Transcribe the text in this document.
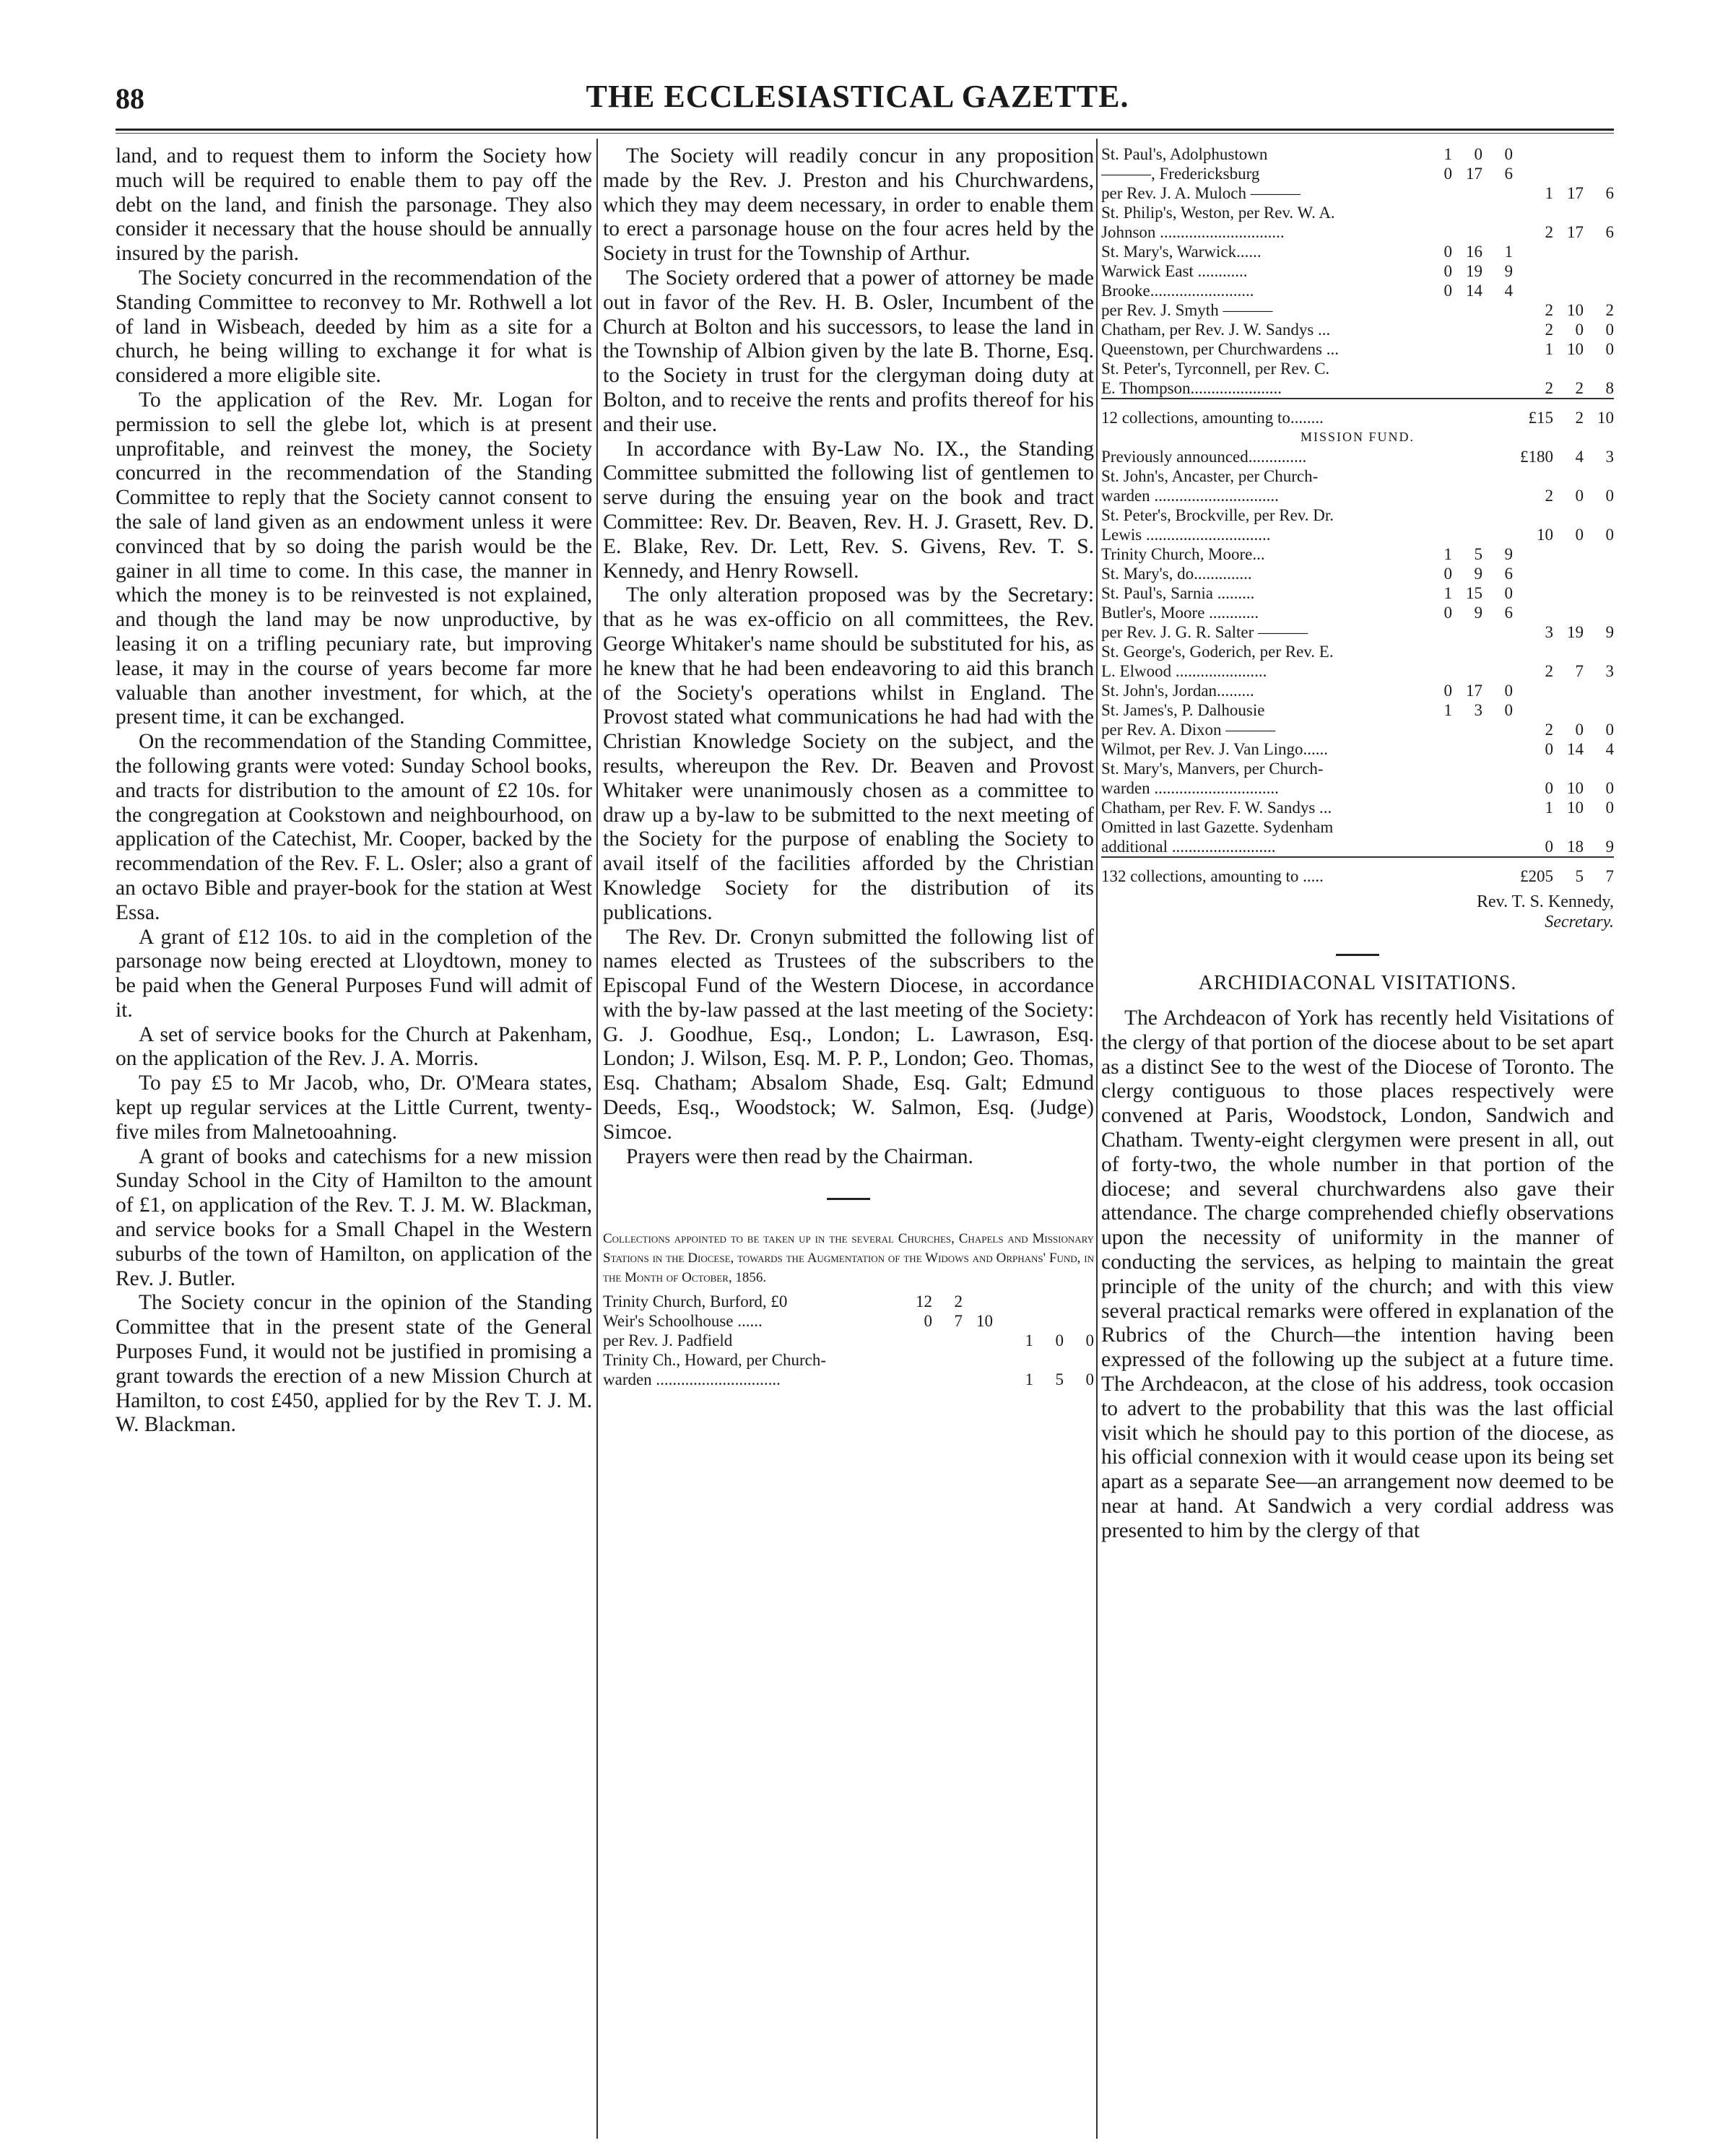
88	THE ECCLESIASTICAL GAZETTE.

land, and to request them to inform the Society how much will be required to enable them to pay off the debt on the land, and finish the parsonage. They also consider it necessary that the house should be annually insured by the parish.

The Society concurred in the recommendation of the Standing Committee to reconvey to Mr. Rothwell a lot of land in Wisbeach, deeded by him as a site for a church, he being willing to exchange it for what is considered a more eligible site.

To the application of the Rev. Mr. Logan for permission to sell the glebe lot, which is at present unprofitable, and reinvest the money, the Society concurred in the recommendation of the Standing Committee to reply that the Society cannot consent to the sale of land given as an endowment unless it were convinced that by so doing the parish would be the gainer in all time to come. In this case, the manner in which the money is to be reinvested is not explained, and though the land may be now unproductive, by leasing it on a trifling pecuniary rate, but improving lease, it may in the course of years become far more valuable than another investment, for which, at the present time, it can be exchanged.

On the recommendation of the Standing Committee, the following grants were voted: Sunday School books, and tracts for distribution to the amount of £2 10s. for the congregation at Cookstown and neighbourhood, on application of the Catechist, Mr. Cooper, backed by the recommendation of the Rev. F. L. Osler; also a grant of an octavo Bible and prayer-book for the station at West Essa.

A grant of £12 10s. to aid in the completion of the parsonage now being erected at Lloydtown, money to be paid when the General Purposes Fund will admit of it.

A set of service books for the Church at Pakenham, on the application of the Rev. J. A. Morris.

To pay £5 to Mr Jacob, who, Dr. O'Meara states, kept up regular services at the Little Current, twenty-five miles from Malnetooahning.

A grant of books and catechisms for a new mission Sunday School in the City of Hamilton to the amount of £1, on application of the Rev. T. J. M. W. Blackman, and service books for a Small Chapel in the Western suburbs of the town of Hamilton, on application of the Rev. J. Butler.

The Society concur in the opinion of the Standing Committee that in the present state of the General Purposes Fund, it would not be justified in promising a grant towards the erection of a new Mission Church at Hamilton, to cost £450, applied for by the Rev T. J. M. W. Blackman.

The Society will readily concur in any proposition made by the Rev. J. Preston and his Churchwardens, which they may deem necessary, in order to enable them to erect a parsonage house on the four acres held by the Society in trust for the Township of Arthur.

The Society ordered that a power of attorney be made out in favor of the Rev. H. B. Osler, Incumbent of the Church at Bolton and his successors, to lease the land in the Township of Albion given by the late B. Thorne, Esq. to the Society in trust for the clergyman doing duty at Bolton, and to receive the rents and profits thereof for his and their use.

In accordance with By-Law No. IX., the Standing Committee submitted the following list of gentlemen to serve during the ensuing year on the book and tract Committee: Rev. Dr. Beaven, Rev. H. J. Grasett, Rev. D. E. Blake, Rev. Dr. Lett, Rev. S. Givens, Rev. T. S. Kennedy, and Henry Rowsell.

The only alteration proposed was by the Secretary: that as he was ex-officio on all committees, the Rev. George Whitaker's name should be substituted for his, as he knew that he had been endeavoring to aid this branch of the Society's operations whilst in England. The Provost stated what communications he had had with the Christian Knowledge Society on the subject, and the results, whereupon the Rev. Dr. Beaven and Provost Whitaker were unanimously chosen as a committee to draw up a by-law to be submitted to the next meeting of the Society for the purpose of enabling the Society to avail itself of the facilities afforded by the Christian Knowledge Society for the distribution of its publications.

The Rev. Dr. Cronyn submitted the following list of names elected as Trustees of the subscribers to the Episcopal Fund of the Western Diocese, in accordance with the by-law passed at the last meeting of the Society: G. J. Goodhue, Esq., London; L. Lawrason, Esq. London; J. Wilson, Esq. M. P. P., London; Geo. Thomas, Esq. Chatham; Absalom Shade, Esq. Galt; Edmund Deeds, Esq., Woodstock; W. Salmon, Esq. (Judge) Simcoe.

Prayers were then read by the Chairman.

Collections appointed to be taken up in the several Churches, Chapels and Missionary Stations in the Diocese, towards the Augmentation of the Widows and Orphans' Fund, in the Month of October, 1856.
Trinity Church, Burford, £0	12	2				
Weir's Schoolhouse ......	0	7	10			
per Rev. J. Padfield				1	0	0
Trinity Ch., Howard, per Church-						
warden ..............................				1	5	0
St. Paul's, Adolphustown	1	0	0			
———, Fredericksburg	0	17	6			
per Rev. J. A. Muloch ———				1	17	6
St. Philip's, Weston, per Rev. W. A.						
Johnson ..............................				2	17	6
St. Mary's, Warwick......	0	16	1			
Warwick East ............	0	19	9			
Brooke.........................	0	14	4			
per Rev. J. Smyth ———				2	10	2
Chatham, per Rev. J. W. Sandys ...				2	0	0
Queenstown, per Churchwardens ...				1	10	0
St. Peter's, Tyrconnell, per Rev. C.						
E. Thompson......................				2	2	8
12 collections, amounting to........				£15	2	10
MISSION FUND.						
Previously announced..............				£180	4	3
St. John's, Ancaster, per Church-						
warden ..............................				2	0	0
St. Peter's, Brockville, per Rev. Dr.						
Lewis ..............................				10	0	0
Trinity Church, Moore...	1	5	9			
St. Mary's, do..............	0	9	6			
St. Paul's, Sarnia .........	1	15	0			
Butler's, Moore ............	0	9	6			
per Rev. J. G. R. Salter ———				3	19	9
St. George's, Goderich, per Rev. E.						
L. Elwood ......................				2	7	3
St. John's, Jordan.........	0	17	0			
St. James's, P. Dalhousie	1	3	0			
per Rev. A. Dixon ———				2	0	0
Wilmot, per Rev. J. Van Lingo......				0	14	4
St. Mary's, Manvers, per Church-						
warden ..............................				0	10	0
Chatham, per Rev. F. W. Sandys ...				1	10	0
Omitted in last Gazette. Sydenham						
additional .........................				0	18	9
132 collections, amounting to .....				£205	5	7
Rev. T. S. Kennedy,
Secretary.
ARCHIDIACONAL VISITATIONS.

The Archdeacon of York has recently held Visitations of the clergy of that portion of the diocese about to be set apart as a distinct See to the west of the Diocese of Toronto. The clergy contiguous to those places respectively were convened at Paris, Woodstock, London, Sandwich and Chatham. Twenty-eight clergymen were present in all, out of forty-two, the whole number in that portion of the diocese; and several churchwardens also gave their attendance. The charge comprehended chiefly observations upon the necessity of uniformity in the manner of conducting the services, as helping to maintain the great principle of the unity of the church; and with this view several practical remarks were offered in explanation of the Rubrics of the Church—the intention having been expressed of the following up the subject at a future time. The Archdeacon, at the close of his address, took occasion to advert to the probability that this was the last official visit which he should pay to this portion of the diocese, as his official connexion with it would cease upon its being set apart as a separate See—an arrangement now deemed to be near at hand. At Sandwich a very cordial address was presented to him by the clergy of that
